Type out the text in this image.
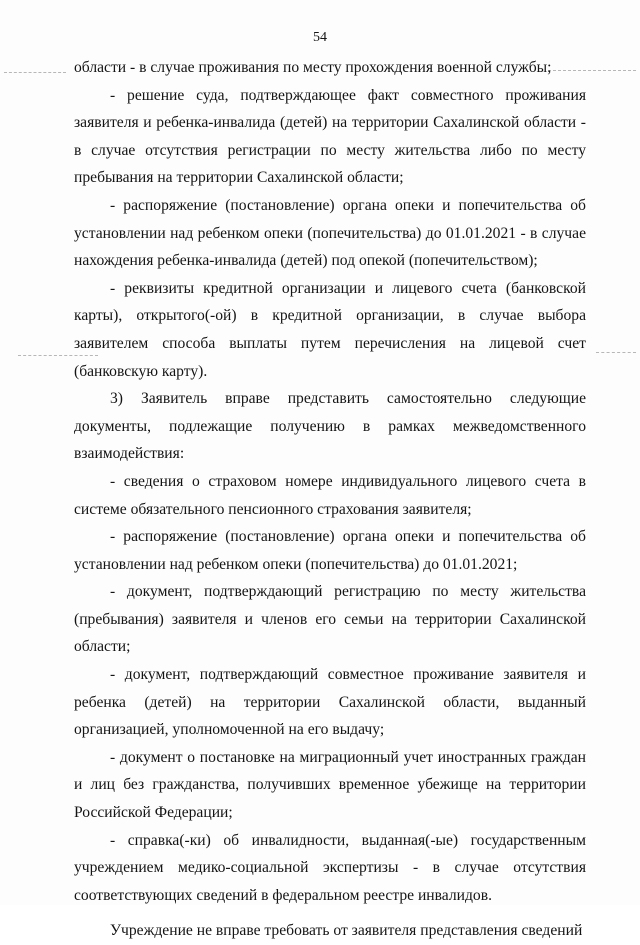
54

области - в случае проживания по месту прохождения военной службы;

- решение суда, подтверждающее факт совместного проживания заявителя и ребенка-инвалида (детей) на территории Сахалинской области - в случае отсутствия регистрации по месту жительства либо по месту пребывания на территории Сахалинской области;

- распоряжение (постановление) органа опеки и попечительства об установлении над ребенком опеки (попечительства) до 01.01.2021 - в случае нахождения ребенка-инвалида (детей) под опекой (попечительством);

- реквизиты кредитной организации и лицевого счета (банковской карты), открытого(-ой) в кредитной организации, в случае выбора заявителем способа выплаты путем перечисления на лицевой счет (банковскую карту).

3) Заявитель вправе представить самостоятельно следующие документы, подлежащие получению в рамках межведомственного взаимодействия:

- сведения о страховом номере индивидуального лицевого счета в системе обязательного пенсионного страхования заявителя;

- распоряжение (постановление) органа опеки и попечительства об установлении над ребенком опеки (попечительства) до 01.01.2021;

- документ, подтверждающий регистрацию по месту жительства (пребывания) заявителя и членов его семьи на территории Сахалинской области;

- документ, подтверждающий совместное проживание заявителя и ребенка (детей) на территории Сахалинской области, выданный организацией, уполномоченной на его выдачу;

- документ о постановке на миграционный учет иностранных граждан и лиц без гражданства, получивших временное убежище на территории Российской Федерации;

- справка(-ки) об инвалидности, выданная(-ые) государственным учреждением медико-социальной экспертизы - в случае отсутствия соответствующих сведений в федеральном реестре инвалидов.

Учреждение не вправе требовать от заявителя представления сведений
